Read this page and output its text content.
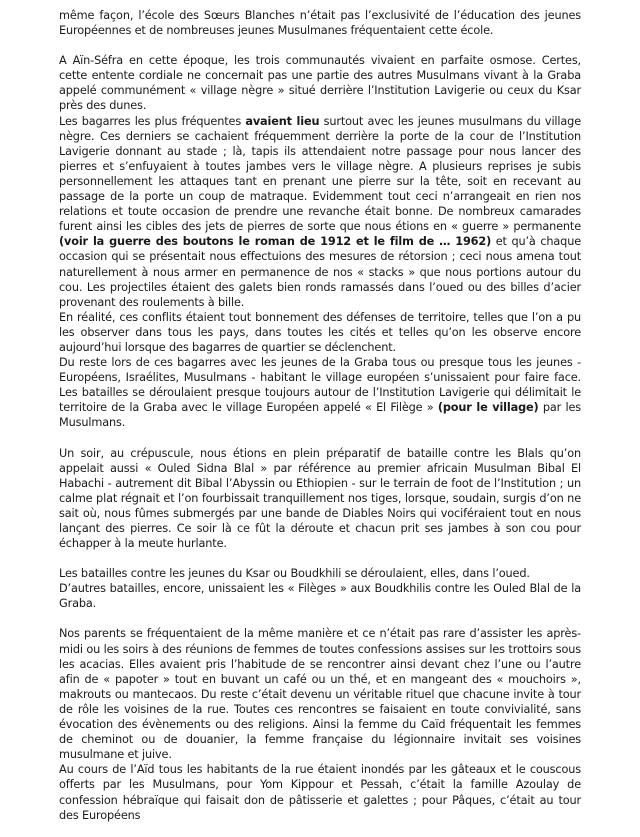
même façon, l’école des Sœurs Blanches n’était pas l’exclusivité de l’éducation des jeunes Européennes et de nombreuses jeunes Musulmanes fréquentaient cette école.

A Aïn-Séfra en cette époque, les trois communautés vivaient en parfaite osmose. Certes, cette entente cordiale ne concernait pas une partie des autres Musulmans vivant à la Graba appelé communément « village nègre » situé derrière l’Institution Lavigerie ou ceux du Ksar près des dunes.

Les bagarres les plus fréquentes avaient lieu surtout avec les jeunes musulmans du village nègre. Ces derniers se cachaient fréquemment derrière la porte de la cour de l’Institution Lavigerie donnant au stade ; là, tapis ils attendaient notre passage pour nous lancer des pierres et s’enfuyaient à toutes jambes vers le village nègre. A plusieurs reprises je subis personnellement les attaques tant en prenant une pierre sur la tête, soit en recevant au passage de la porte un coup de matraque. Evidemment tout ceci n’arrangeait en rien nos relations et toute occasion de prendre une revanche était bonne. De nombreux camarades furent ainsi les cibles des jets de pierres de sorte que nous étions en « guerre » permanente (voir la guerre des boutons le roman de 1912 et le film de … 1962) et qu’à chaque occasion qui se présentait nous effectuions des mesures de rétorsion ; ceci nous amena tout naturellement à nous armer en permanence de nos « stacks » que nous portions autour du cou. Les projectiles étaient des galets bien ronds ramassés dans l’oued ou des billes d’acier provenant des roulements à bille.

En réalité, ces conflits étaient tout bonnement des défenses de territoire, telles que l’on a pu les observer dans tous les pays, dans toutes les cités et telles qu’on les observe encore aujourd’hui lorsque des bagarres de quartier se déclenchent.

Du reste lors de ces bagarres avec les jeunes de la Graba tous ou presque tous les jeunes - Européens, Israélites, Musulmans - habitant le village européen s’unissaient pour faire face. Les batailles se déroulaient presque toujours autour de l’Institution Lavigerie qui délimitait le territoire de la Graba avec le village Européen appelé « El Filège » (pour le village) par les Musulmans.

Un soir, au crépuscule, nous étions en plein préparatif de bataille contre les Blals qu’on appelait aussi « Ouled Sidna Blal » par référence au premier africain Musulman Bibal El Habachi - autrement dit Bibal l’Abyssin ou Ethiopien - sur le terrain de foot de l’Institution ; un calme plat régnait et l’on fourbissait tranquillement nos tiges, lorsque, soudain, surgis d’on ne sait où, nous fûmes submergés par une bande de Diables Noirs qui vociféraient tout en nous lançant des pierres. Ce soir là ce fût la déroute et chacun prit ses jambes à son cou pour échapper à la meute hurlante.

Les batailles contre les jeunes du Ksar ou Boudkhili se déroulaient, elles, dans l’oued.

D’autres batailles, encore, unissaient les « Filèges » aux Boudkhilis contre les Ouled Blal de la Graba.

Nos parents se fréquentaient de la même manière et ce n’était pas rare d’assister les après-midi ou les soirs à des réunions de femmes de toutes confessions assises sur les trottoirs sous les acacias. Elles avaient pris l’habitude de se rencontrer ainsi devant chez l’une ou l’autre afin de « papoter » tout en buvant un café ou un thé, et en mangeant des « mouchoirs », makrouts ou mantecaos. Du reste c’était devenu un véritable rituel que chacune invite à tour de rôle les voisines de la rue. Toutes ces rencontres se faisaient en toute convivialité, sans évocation des évènements ou des religions. Ainsi la femme du Caïd fréquentait les femmes de cheminot ou de douanier, la femme française du légionnaire invitait ses voisines musulmane et juive.

Au cours de l’Aïd tous les habitants de la rue étaient inondés par les gâteaux et le couscous offerts par les Musulmans, pour Yom Kippour et Pessah, c’était la famille Azoulay de confession hébraïque qui faisait don de pâtisserie et galettes ; pour Pâques, c’était au tour des Européens
